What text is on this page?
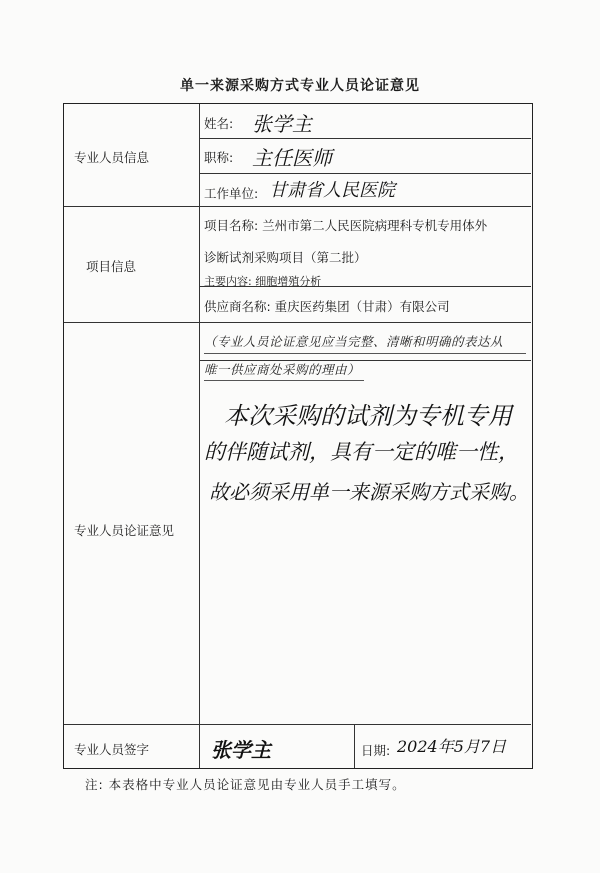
单一来源采购方式专业人员论证意见
专业人员信息
项目信息
专业人员论证意见
专业人员签字
姓名: 张学主
职称: 主任医师
工作单位: 甘肃省人民医院
项目名称: 兰州市第二人民医院病理科专机专用体外
诊断试剂采购项目（第二批）
主要内容: 细胞增殖分析
供应商名称: 重庆医药集团（甘肃）有限公司
（专业人员论证意见应当完整、清晰和明确的表达从
唯一供应商处采购的理由）
本次采购的试剂为专机专用
的伴随试剂，具有一定的唯一性，
故必须采用单一来源采购方式采购。
张学主	日期: 2024年5月7日
注: 本表格中专业人员论证意见由专业人员手工填写。
